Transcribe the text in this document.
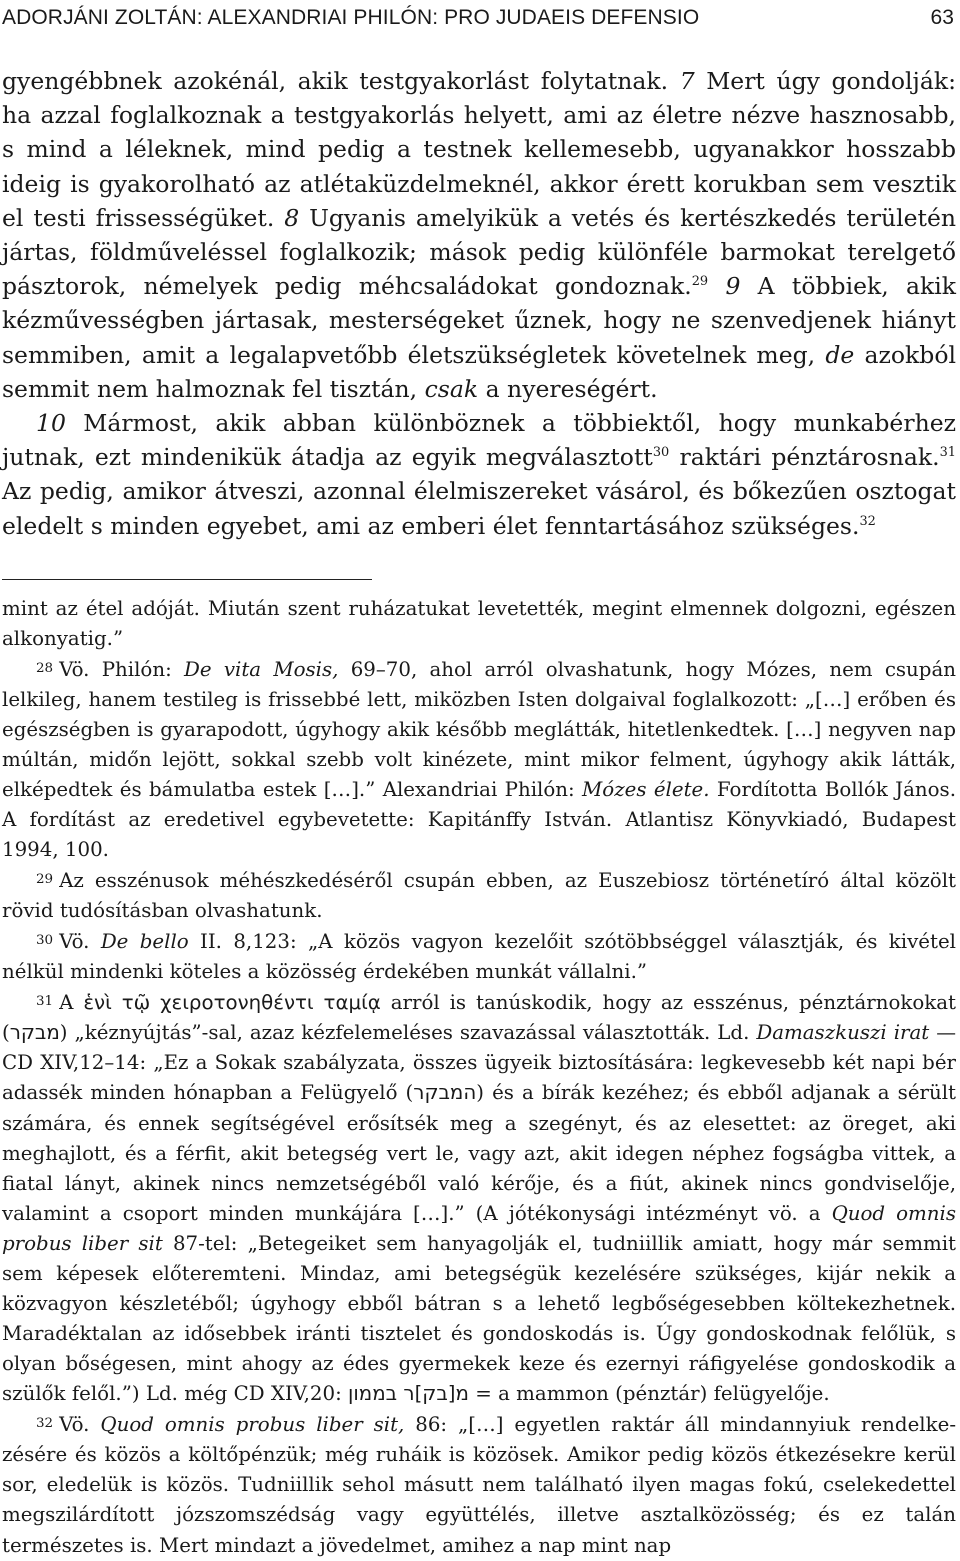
ADORJÁNI ZOLTÁN: ALEXANDRIAI PHILÓN: PRO JUDAEIS DEFENSIO	63

gyengébbnek azokénál, akik testgyakorlást folytatnak. 7 Mert úgy gondolják: ha azzal foglalkoznak a testgyakorlás helyett, ami az életre nézve hasznosabb, s mind a léleknek, mind pedig a testnek kellemesebb, ugyanakkor hosszabb ideig is gyakorolható az atlétaküzdelmeknél, akkor érett korukban sem vesztik el testi frissességüket. 8 Ugyanis amelyikük a vetés és kertészkedés területén jártas, földműveléssel foglalkozik; mások pedig különféle barmokat terelgető pásztorok, némelyek pedig méhcsaládokat gondoznak.$^{29}$ 9 A többiek, akik kézművességben jártasak, mesterségeket űznek, hogy ne szenvedjenek hiányt semmiben, amit a legalapvetőbb életszükségletek követelnek meg, de azokból semmit nem halmoznak fel tisztán, csak a nyereségért.

10 Mármost, akik abban különböznek a többiektől, hogy munkabérhez jutnak, ezt mindenikük átadja az egyik megválasztott$^{30}$ raktári pénztárosnak.$^{31}$ Az pedig, amikor átveszi, azonnal élelmiszereket vásárol, és bőkezűen osztogat eledelt s minden egyebet, ami az emberi élet fenntartásához szükséges.$^{32}$

mint az étel adóját. Miután szent ruházatukat levetették, megint elmennek dolgozni, egészen alkonyatig.”

28 Vö. Philón: De vita Mosis, 69–70, ahol arról olvashatunk, hogy Mózes, nem csupán lelkileg, hanem testileg is frissebbé lett, miközben Isten dolgaival foglalkozott: „[…] erőben és egészségben is gyarapodott, úgyhogy akik később meglátták, hitetlenkedtek. […] negyven nap múltán, midőn lejött, sokkal szebb volt kinézete, mint mikor felment, úgyhogy akik látták, elképedtek és bámulatba estek […].” Alexandriai Philón: Mózes élete. Fordította Bollók János. A fordítást az eredetivel egybevetette: Kapitánffy István. Atlantisz Könyvkiadó, Budapest 1994, 100.

29 Az esszénusok méhészkedéséről csupán ebben, az Euszebiosz történetíró által közölt rövid tudósításban olvashatunk.

30 Vö. De bello II. 8,123: „A közös vagyon kezelőit szótöbbséggel választják, és kivétel nélkül mindenki köteles a közösség érdekében munkát vállalni.”

31 A ἑνὶ τῷ χειροτονηθέντι ταμίᾳ arról is tanúskodik, hogy az esszénus, pénztárnokokat (מבקר) „kéznyújtás”-sal, azaz kézfelemeléses szavazással választották. Ld. Damaszkuszi irat — CD XIV,12–14: „Ez a Sokak szabályzata, összes ügyeik biztosítására: legkevesebb két napi bér adassék minden hónapban a Felügyelő (המבקר) és a bírák kezéhez; és ebből adjanak a sérült számára, és ennek segítségével erősítsék meg a szegényt, és az elesettet: az öreget, aki meghajlott, és a férfit, akit betegség vert le, vagy azt, akit idegen néphez fogságba vittek, a fiatal lányt, akinek nincs nemzetségéből való kérője, és a fiút, akinek nincs gondviselője, valamint a csoport minden munkájára […].” (A jótékonysági intézményt vö. a Quod omnis probus liber sit 87-tel: „Betegeiket sem hanyagolják el, tudniillik amiatt, hogy már semmit sem képesek előteremteni. Mindaz, ami betegségük kezelésére szükséges, kijár nekik a közvagyon készletéből; úgyhogy ebből bátran s a lehető legbőségesebben költekezhetnek. Maradéktalan az idősebbek iránti tisztelet és gondoskodás is. Úgy gondoskodnak felőlük, s olyan bőségesen, mint ahogy az édes gyermekek keze és ezernyi ráfigyelése gondoskodik a szülők felől.”) Ld. még CD XIV,20: מ[בק]ר בממון = a mammon (pénztár) felügyelője.

32 Vö. Quod omnis probus liber sit, 86: „[…] egyetlen raktár áll mindannyiuk rendelkezésére és közös a költőpénzük; még ruháik is közösek. Amikor pedig közös étkezésekre kerül sor, eledelük is közös. Tudniillik sehol másutt nem található ilyen magas fokú, cselekedettel megszilárdított józszomszédság vagy együttélés, illetve asztalközösség; és ez talán természetes is. Mert mindazt a jövedelmet, amihez a nap mint nap
